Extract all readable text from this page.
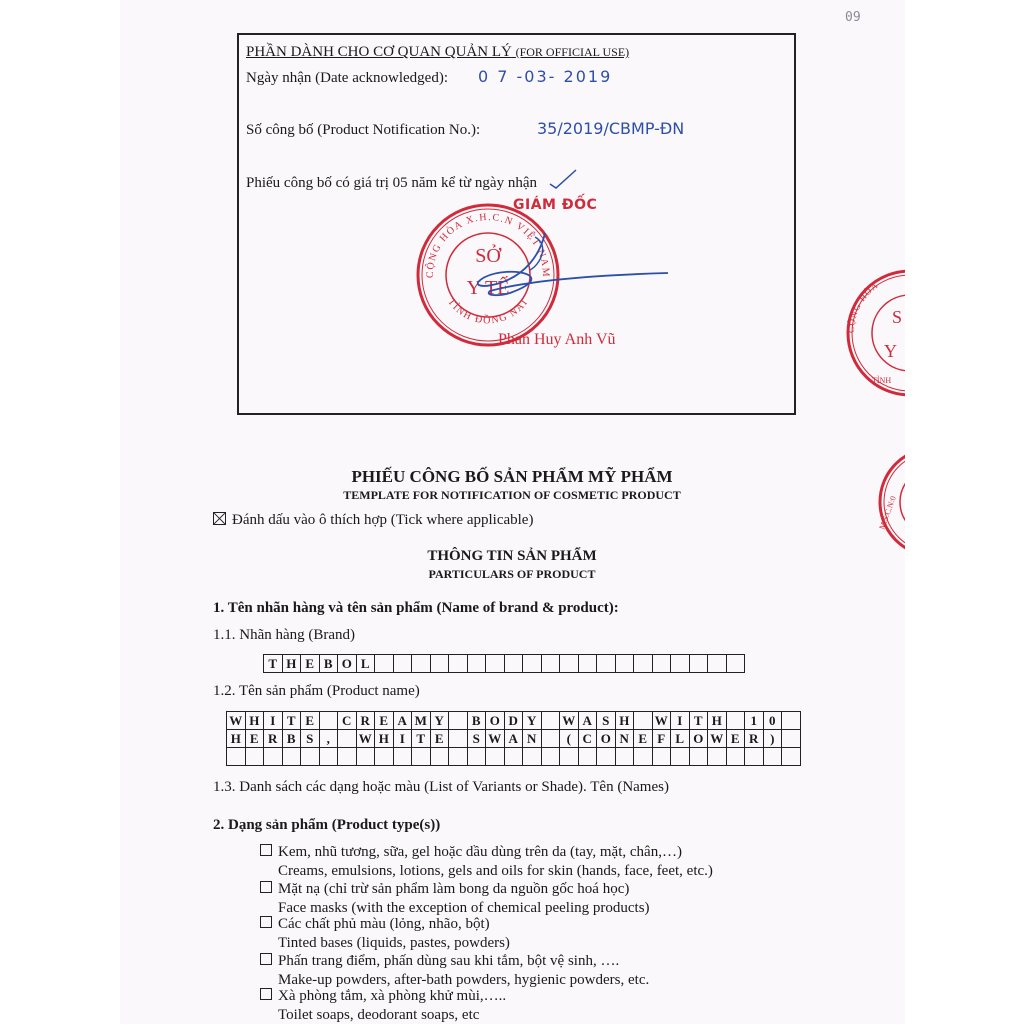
09
PHẦN DÀNH CHO CƠ QUAN QUẢN LÝ (FOR OFFICIAL USE)
Ngày nhận (Date acknowledged): 0 7 -03- 2019
Số công bố (Product Notification No.):	35/2019/CBMP-ĐN
Phiếu công bố có giá trị 05 năm kể từ ngày nhận
GIÁM ĐỐC
CỘNG HÒA X.H.C.N VIỆT NAM
TỈNH ĐỒNG NAI
SỞ
Y TẾ
Phan Huy Anh Vũ
CỘNG HÒA
S
Y
TỈNH
M.S.C.N:0
PHIẾU CÔNG BỐ SẢN PHẨM MỸ PHẨM
TEMPLATE FOR NOTIFICATION OF COSMETIC PRODUCT
Đánh dấu vào ô thích hợp (Tick where applicable)
THÔNG TIN SẢN PHẨM
PARTICULARS OF PRODUCT
1. Tên nhãn hàng và tên sản phẩm (Name of brand & product):
1.1. Nhãn hàng (Brand)
T H E B O L
1.2. Tên sản phẩm (Product name)
W H I T E	C R E A M Y	B O D Y	W A S H	W I T H	1 0
H E R B S	,	W H I T E	S W A N	( C O N E F L O W E R )
1.3. Danh sách các dạng hoặc màu (List of Variants or Shade). Tên (Names)
2. Dạng sản phẩm (Product type(s))
Kem, nhũ tương, sữa, gel hoặc dầu dùng trên da (tay, mặt, chân,…)
Creams, emulsions, lotions, gels and oils for skin (hands, face, feet, etc.)
Mặt nạ (chỉ trừ sản phẩm làm bong da nguồn gốc hoá học)
Face masks (with the exception of chemical peeling products)
Các chất phủ màu (lỏng, nhão, bột)
Tinted bases (liquids, pastes, powders)
Phấn trang điểm, phấn dùng sau khi tắm, bột vệ sinh, ….
Make-up powders, after-bath powders, hygienic powders, etc.
Xà phòng tắm, xà phòng khử mùi,…..
Toilet soaps, deodorant soaps, etc
